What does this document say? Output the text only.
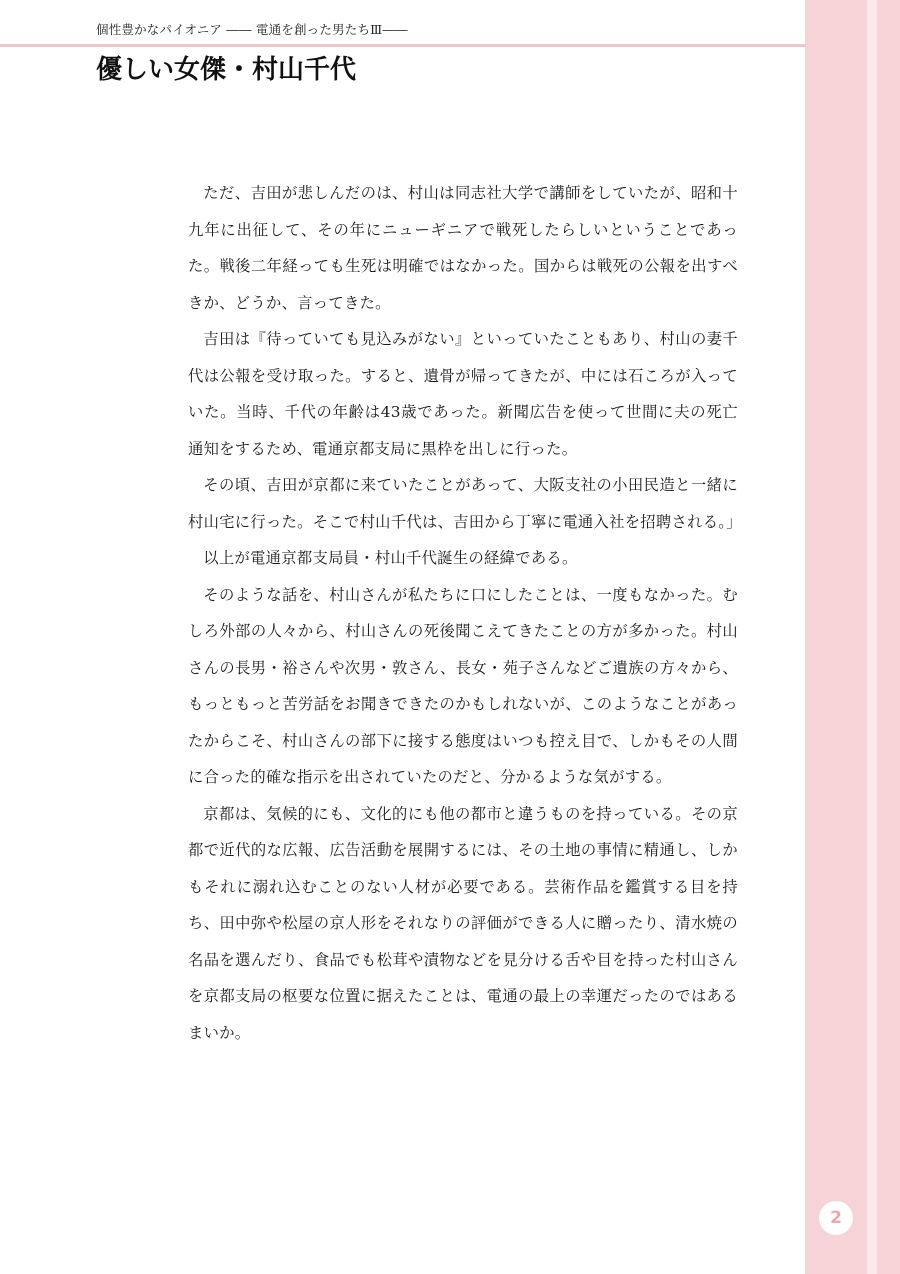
個性豊かなパイオニア ―― 電通を創った男たちⅢ――
優しい女傑・村山千代

ただ、吉田が悲しんだのは、村山は同志社大学で講師をしていたが、昭和十九年に出征して、その年にニューギニアで戦死したらしいということであった。戦後二年経っても生死は明確ではなかった。国からは戦死の公報を出すべきか、どうか、言ってきた。

吉田は『待っていても見込みがない』といっていたこともあり、村山の妻千代は公報を受け取った。すると、遺骨が帰ってきたが、中には石ころが入っていた。当時、千代の年齢は43歳であった。新聞広告を使って世間に夫の死亡通知をするため、電通京都支局に黒枠を出しに行った。

その頃、吉田が京都に来ていたことがあって、大阪支社の小田民造と一緒に村山宅に行った。そこで村山千代は、吉田から丁寧に電通入社を招聘される。」

以上が電通京都支局員・村山千代誕生の経緯である。

そのような話を、村山さんが私たちに口にしたことは、一度もなかった。むしろ外部の人々から、村山さんの死後聞こえてきたことの方が多かった。村山さんの長男・裕さんや次男・敦さん、長女・苑子さんなどご遺族の方々から、もっともっと苦労話をお聞きできたのかもしれないが、このようなことがあったからこそ、村山さんの部下に接する態度はいつも控え目で、しかもその人間に合った的確な指示を出されていたのだと、分かるような気がする。

京都は、気候的にも、文化的にも他の都市と違うものを持っている。その京都で近代的な広報、広告活動を展開するには、その土地の事情に精通し、しかもそれに溺れ込むことのない人材が必要である。芸術作品を鑑賞する目を持ち、田中弥や松屋の京人形をそれなりの評価ができる人に贈ったり、清水焼の名品を選んだり、食品でも松茸や漬物などを見分ける舌や目を持った村山さんを京都支局の枢要な位置に据えたことは、電通の最上の幸運だったのではあるまいか。

2
